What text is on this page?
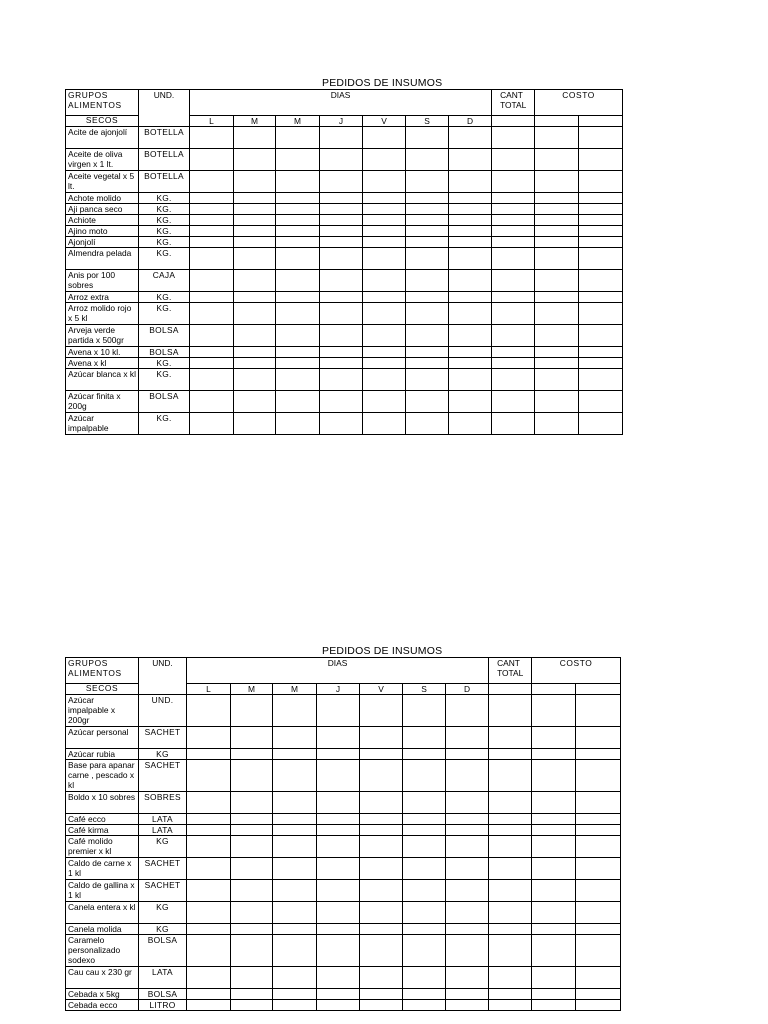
PEDIDOS DE INSUMOS
GRUPOS ALIMENTOS	UND.	DIAS							CANT TOTAL	COSTO	
SECOS		L	M	M	J	V	S	D			
Acite de ajonjolí	BOTELLA										
Aceite de oliva virgen x 1 lt.	BOTELLA										
Aceite vegetal x 5 lt.	BOTELLA										
Achote molido	KG.										
Aji panca seco	KG.										
Achiote	KG.										
Ajino moto	KG.										
Ajonjolí	KG.										
Almendra pelada	KG.										
Anis por 100 sobres	CAJA										
Arroz extra	KG.										
Arroz molido rojo x 5 kl	KG.										
Arveja verde partida x 500gr	BOLSA										
Avena x 10 kl.	BOLSA										
Avena x kl	KG.										
Azúcar blanca x kl	KG.										
Azúcar finita x 200g	BOLSA										
Azúcar impalpable	KG.										
PEDIDOS DE INSUMOS
GRUPOS ALIMENTOS	UND.	DIAS							CANT TOTAL	COSTO	
SECOS		L	M	M	J	V	S	D			
Azúcar impalpable x 200gr	UND.										
Azúcar personal	SACHET										
Azúcar rubia	KG										
Base para apanar carne , pescado x kl	SACHET										
Boldo x 10 sobres	SOBRES										
Café ecco	LATA										
Café kirma	LATA										
Café molido premier x kl	KG										
Caldo de carne x 1 kl	SACHET										
Caldo de gallina x 1 kl	SACHET										
Canela entera x kl	KG										
Canela molida	KG										
Caramelo personalizado sodexo	BOLSA										
Cau cau x 230 gr	LATA										
Cebada x 5kg	BOLSA										
Cebada ecco	LITRO										
